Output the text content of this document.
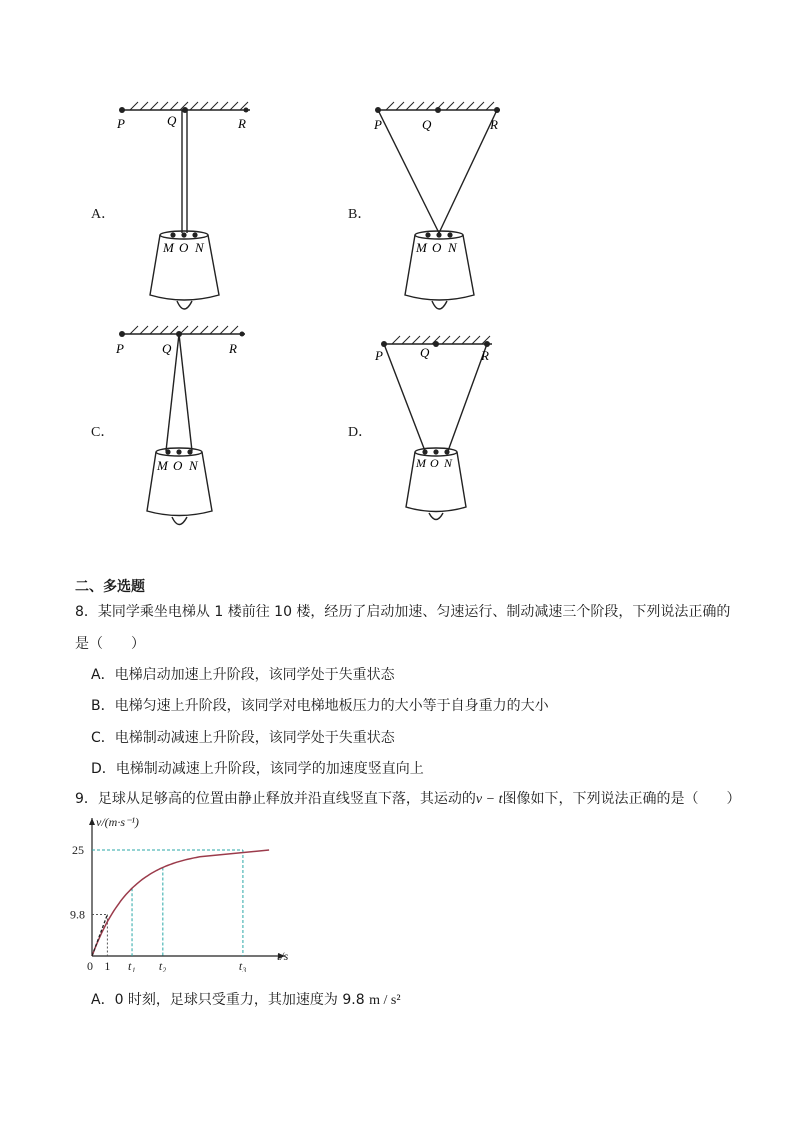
P	Q	R
M O N
A．
P	Q	R
M O N
B．
P	Q	R
M O N
C．
P	Q	R
M O N
D．
二、多选题
8．某同学乘坐电梯从 1 楼前往 10 楼，经历了启动加速、匀速运行、制动减速三个阶段，下列说法正确的
是（　　）
A．电梯启动加速上升阶段，该同学处于失重状态
B．电梯匀速上升阶段，该同学对电梯地板压力的大小等于自身重力的大小
C．电梯制动减速上升阶段，该同学处于失重状态
D．电梯制动减速上升阶段，该同学的加速度竖直向上
9．足球从足够高的位置由静止释放并沿直线竖直下落，其运动的v − t图像如下，下列说法正确的是（　　）
v/(m·s⁻¹)
t/s
25
9.8
0 1 t₁ t₂	t₃
A．0 时刻，足球只受重力，其加速度为 9.8 m / s²
